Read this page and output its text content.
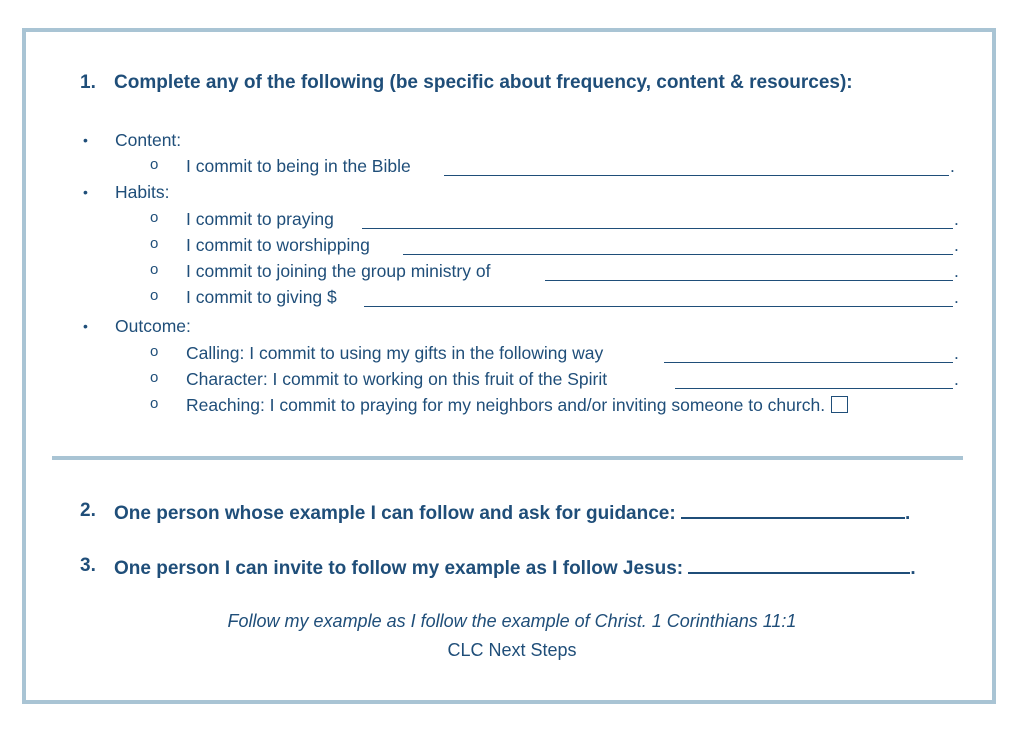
1. Complete any of the following (be specific about frequency, content & resources):
• Content:
o I commit to being in the Bible	.
• Habits:
o I commit to praying	.
o I commit to worshipping	.
o I commit to joining the group ministry of	.
o I commit to giving $	.
• Outcome:
o Calling: I commit to using my gifts in the following way	.
o Character: I commit to working on this fruit of the Spirit	.
o Reaching: I commit to praying for my neighbors and/or inviting someone to church.
2. One person whose example I can follow and ask for guidance:	.
3. One person I can invite to follow my example as I follow Jesus:	.
Follow my example as I follow the example of Christ. 1 Corinthians 11:1
CLC Next Steps
